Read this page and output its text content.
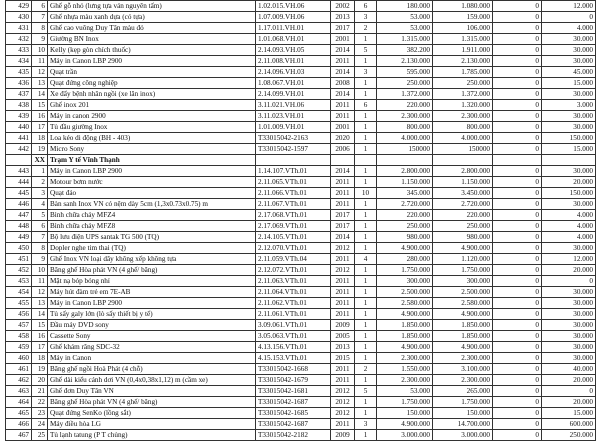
429	6	Ghế gỗ nhỏ (lưng tựa ván nguyên tấm)	1.02.015.VH.06	2002	6	180.000	1.080.000	0	12.000
430	7	Ghế nhựa màu xanh dựa (có tựa)	1.07.009.VH.06	2013	3	53.000	159.000	0	0
431	8	Ghế cao vuông Duy Tân màu đỏ	1.17.011.VH.01	2017	2	53.000	106.000	0	4.000
432	9	Giường BN Inox	1.01.068.VH.01	2001	1	1.315.000	1.315.000	0	30.000
433	10	Kelly (kẹp gòn chích thuốc)	2.14.093.VH.05	2014	5	382.200	1.911.000	0	30.000
434	11	Máy in Canon LBP 2900	2.11.008.VH.01	2011	1	2.130.000	2.130.000	0	30.000
435	12	Quạt trần	2.14.096.VH.03	2014	3	595.000	1.785.000	0	45.000
436	13	Quạt đứng công nghiệp	1.08.067.VH.01	2008	1	250.000	250.000	0	15.000
437	14	Xe đẩy bệnh nhân ngồi (xe lăn inox)	2.14.099.VH.01	2014	1	1.372.000	1.372.000	0	30.000
438	15	Ghế inox 201	3.11.021.VH.06	2011	6	220.000	1.320.000	0	3.000
439	16	Máy in canon 2900	3.11.023.VH.01	2011	1	2.300.000	2.300.000	0	30.000
440	17	Tủ đầu giường Inox	1.01.009.VH.01	2001	1	800.000	800.000	0	30.000
441	18	Loa kéo di động (BH - 403)	T33015042-2163	2020	1	4.000.000	4.000.000	0	150.000
442	19	Micro Sony	T33015042-1597	2006	1	150000	150000	0	15.000
	XX	Trạm Y tế Vĩnh Thạnh							
443	1	Máy in Canon LBP 2900	1.14.107.VTh.01	2014	1	2.800.000	2.800.000	0	30.000
444	2	Motour bơm nước	2.11.065.VTh.01	2011	1	1.150.000	1.150.000	0	20.000
445	3	Quạt đảo	2.11.066.VTh.01	2011	10	345.000	3.450.000	0	150.000
446	4	Bàn sanh Inox VN có nệm dày 5cm (1,3x0.73x0.75) m	2.11.067.VTh.01	2011	1	2.720.000	2.720.000	0	30.000
447	5	Bình chữa cháy MFZ4	2.17.068.VTh.01	2017	1	220.000	220.000	0	4.000
448	6	Bình chữa cháy MFZ8	2.17.069.VTh.01	2017	1	250.000	250.000	0	4.000
449	7	Bộ lưu điện UPS santak TG 500 (TQ)	2.14.105.VTh.01	2014	1	980.000	980.000	0	4.000
450	8	Dopler nghe tim thai (TQ)	2.12.070.VTh.01	2012	1	4.900.000	4.900.000	0	30.000
451	9	Ghế Inox VN loại dãy không xếp không tựa	2.11.059.VTh.04	2011	4	280.000	1.120.000	0	12.000
452	10	Băng ghế Hòa phát VN (4 ghế/ băng)	2.12.072.VTh.01	2012	1	1.750.000	1.750.000	0	20.000
453	11	Mặt nạ bóp bóng nhỉ	2.11.063.VTh.01	2011	1	300.000	300.000	0	0
454	12	Máy hút đàm trẻ em 7E-AB	2.11.064.VTh.01	2011	1	2.500.000	2.500.000	0	30.000
455	13	Máy in Canon LBP 2900	2.11.062.VTh.01	2011	1	2.580.000	2.580.000	0	30.000
456	14	Tủ sấy galy lớn (lò sấy thiết bị y tế)	2.11.061.VTh.01	2011	1	4.900.000	4.900.000	0	30.000
457	15	Đầu máy DVD sony	3.09.061.VTh.01	2009	1	1.850.000	1.850.000	0	30.000
458	16	Cassette Sony	3.05.063.VTh.01	2005	1	1.850.000	1.850.000	0	30.000
459	17	Ghế khám răng SDC-32	4.13.156.VTh.01	2013	1	4.900.000	4.900.000	0	30.000
460	18	Máy in Canon	4.15.153.VTh.01	2015	1	2.300.000	2.300.000	0	30.000
461	19	Băng ghế ngồi Hoà Phát (4 chỗ)	T33015042-1668	2011	2	1.550.000	3.100.000	0	40.000
462	20	Ghế dài kiểu cánh dơi VN (0,4x0,38x1,12) m (cầm xe)	T33015042-1679	2011	1	2.300.000	2.300.000	0	20.000
463	21	Ghế đơn Duy Tân VN	T33015042-1681	2012	5	53.000	265.000	0	0
464	22	Băng ghế Hòa phát VN (4 ghế/ băng)	T33015042-1687	2012	1	1.750.000	1.750.000	0	20.000
465	23	Quạt đứng SenKo (lồng sắt)	T33015042-1685	2012	1	150.000	150.000	0	15.000
466	24	Máy điều hòa LG	T33015042-1687	2011	3	4.900.000	14.700.000	0	600.000
467	25	Tủ lạnh tatung (P T chủng)	T33015042-2182	2009	1	3.000.000	3.000.000	0	250.000
